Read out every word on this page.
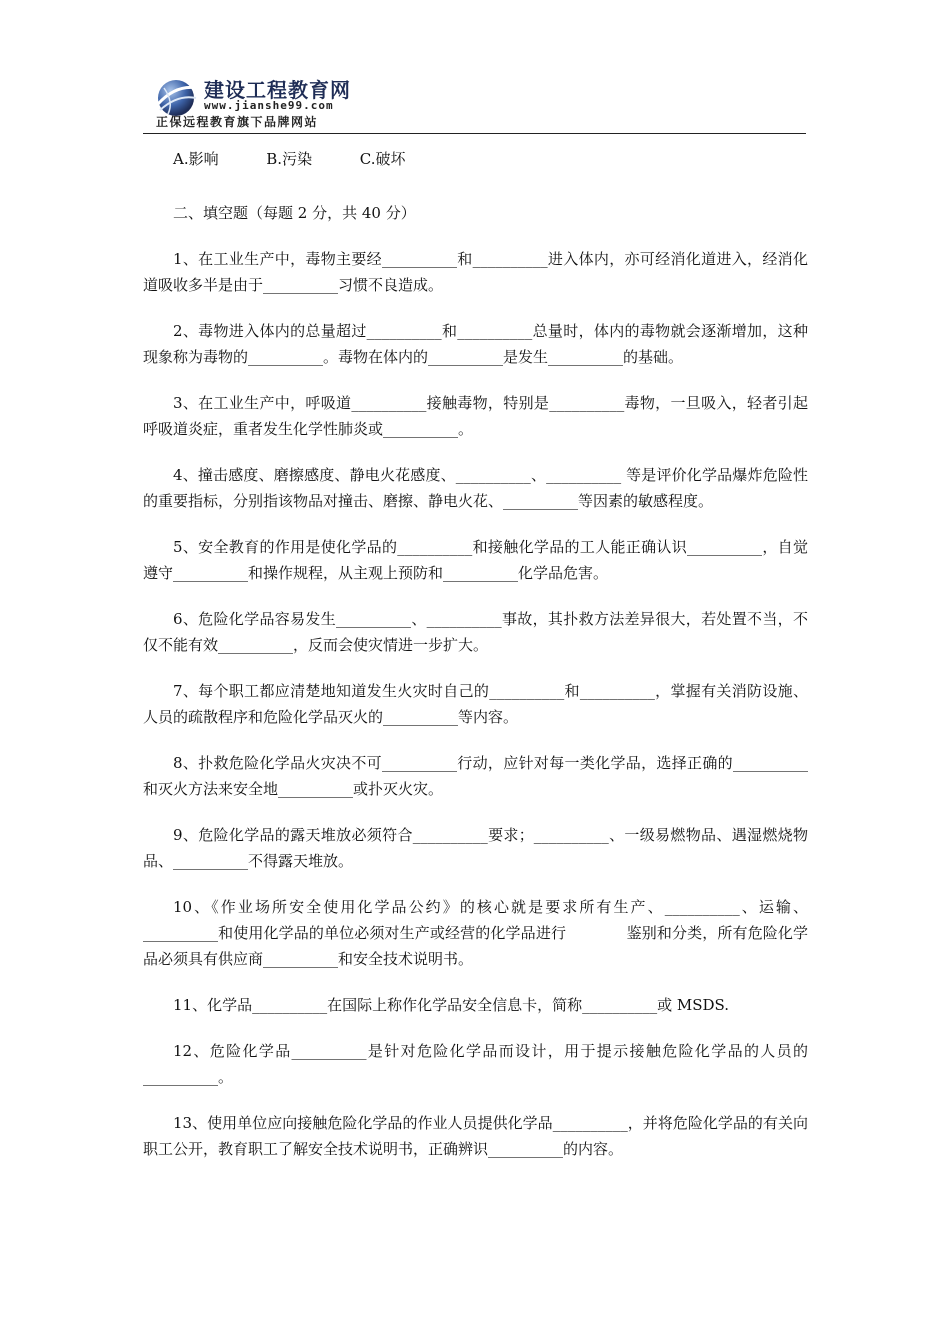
建设工程教育网
www.jianshe99.com
正保远程教育旗下品牌网站

A.影响          B.污染          C.破坏

二、填空题（每题 2 分，共 40 分）

1、在工业生产中，毒物主要经__________和__________进入体内，亦可经消化道进入，经消化道吸收多半是由于__________习惯不良造成。

2、毒物进入体内的总量超过__________和__________总量时，体内的毒物就会逐渐增加，这种现象称为毒物的__________。毒物在体内的__________是发生__________的基础。

3、在工业生产中，呼吸道__________接触毒物，特别是__________毒物，一旦吸入，轻者引起呼吸道炎症，重者发生化学性肺炎或__________。

4、撞击感度、磨擦感度、静电火花感度、__________、__________ 等是评价化学品爆炸危险性的重要指标，分别指该物品对撞击、磨擦、静电火花、__________等因素的敏感程度。

5、安全教育的作用是使化学品的__________和接触化学品的工人能正确认识__________，自觉遵守__________和操作规程，从主观上预防和__________化学品危害。

6、危险化学品容易发生__________、__________事故，其扑救方法差异很大，若处置不当，不仅不能有效__________，反而会使灾情进一步扩大。

7、每个职工都应清楚地知道发生火灾时自己的__________和__________，掌握有关消防设施、人员的疏散程序和危险化学品灭火的__________等内容。

8、扑救危险化学品火灾决不可__________行动，应针对每一类化学品，选择正确的__________和灭火方法来安全地__________或扑灭火灾。

9、危险化学品的露天堆放必须符合__________要求；__________、一级易燃物品、遇湿燃烧物品、__________不得露天堆放。

10、《作业场所安全使用化学品公约》的核心就是要求所有生产、__________、运输、__________和使用化学品的单位必须对生产或经营的化学品进行　　　　鉴别和分类，所有危险化学品必须具有供应商__________和安全技术说明书。

11、化学品__________在国际上称作化学品安全信息卡，简称__________或 MSDS.

12、危险化学品__________是针对危险化学品而设计，用于提示接触危险化学品的人员的__________。

13、使用单位应向接触危险化学品的作业人员提供化学品__________，并将危险化学品的有关向职工公开，教育职工了解安全技术说明书，正确辨识__________的内容。
